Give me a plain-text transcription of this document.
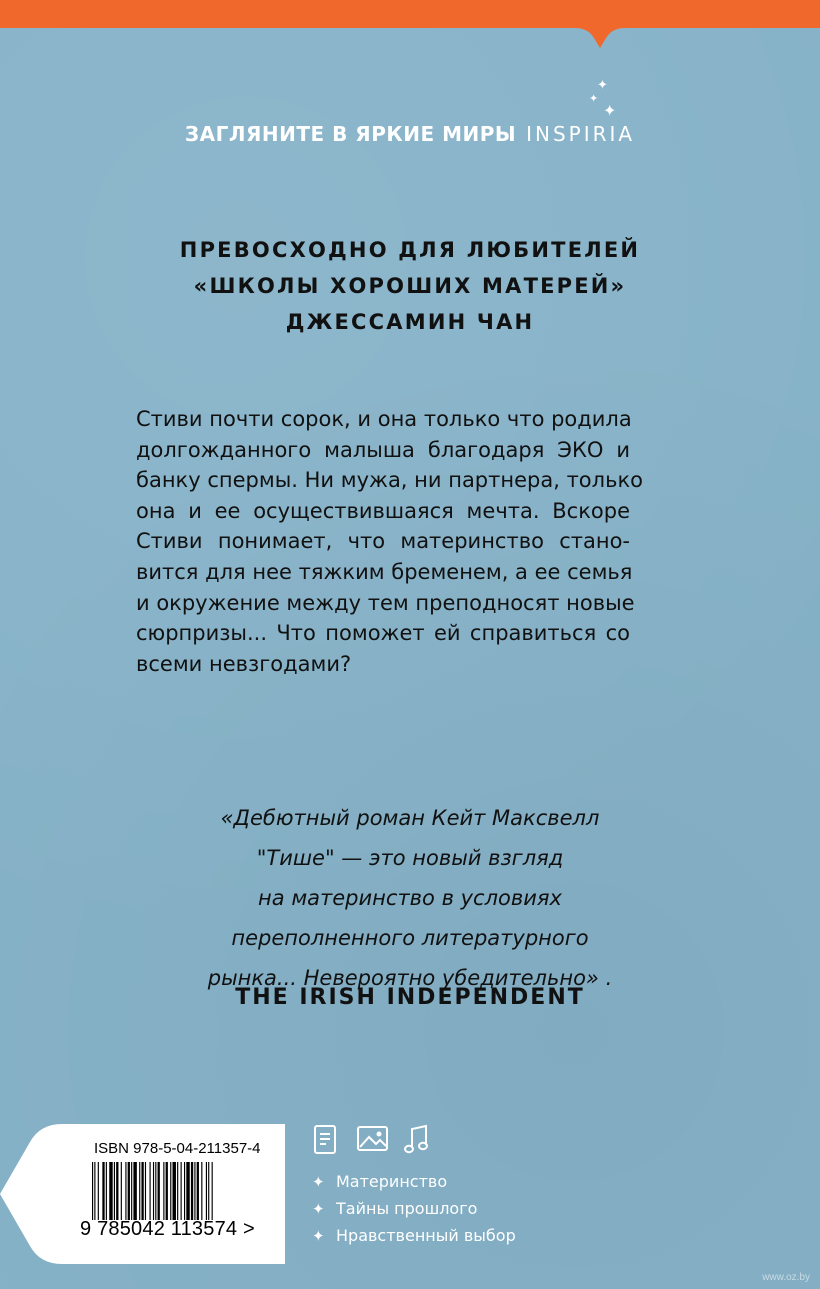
✦
✦
✦
ЗАГЛЯНИТЕ В ЯРКИЕ МИРЫ INSPIRIA
ПРЕВОСХОДНО ДЛЯ ЛЮБИТЕЛЕЙ
«ШКОЛЫ ХОРОШИХ МАТЕРЕЙ»
ДЖЕССАМИН ЧАН
Стиви почти сорок, и она только что родила
долгожданного малыша благодаря ЭКО и
банку спермы. Ни мужа, ни партнера, только
она и ее осуществившаяся мечта. Вскоре
Стиви понимает, что материнство стано-
вится для нее тяжким бременем, а ее семья
и окружение между тем преподносят новые
сюрпризы... Что поможет ей справиться со
всеми невзгодами?
«Дебютный роман Кейт Максвелл
"Тише" — это новый взгляд
на материнство в условиях
переполненного литературного
рынка... Невероятно убедительно» .
THE IRISH INDEPENDENT
ISBN 978-5-04-211357-4
9 785042 113574 >
✦ Материнство
✦ Тайны прошлого
✦ Нравственный выбор
www.oz.by
